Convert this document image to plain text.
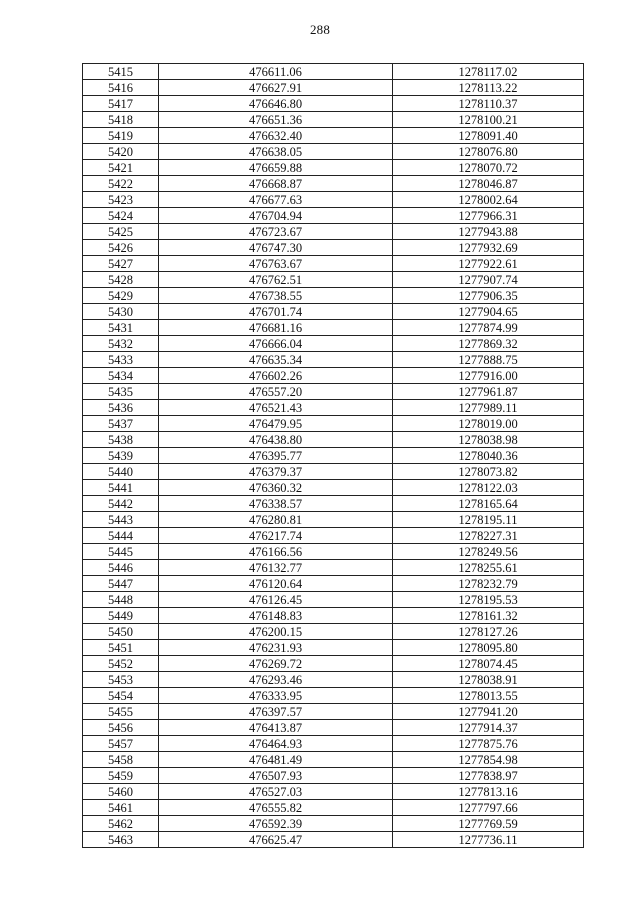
288
5415	476611.06	1278117.02
5416	476627.91	1278113.22
5417	476646.80	1278110.37
5418	476651.36	1278100.21
5419	476632.40	1278091.40
5420	476638.05	1278076.80
5421	476659.88	1278070.72
5422	476668.87	1278046.87
5423	476677.63	1278002.64
5424	476704.94	1277966.31
5425	476723.67	1277943.88
5426	476747.30	1277932.69
5427	476763.67	1277922.61
5428	476762.51	1277907.74
5429	476738.55	1277906.35
5430	476701.74	1277904.65
5431	476681.16	1277874.99
5432	476666.04	1277869.32
5433	476635.34	1277888.75
5434	476602.26	1277916.00
5435	476557.20	1277961.87
5436	476521.43	1277989.11
5437	476479.95	1278019.00
5438	476438.80	1278038.98
5439	476395.77	1278040.36
5440	476379.37	1278073.82
5441	476360.32	1278122.03
5442	476338.57	1278165.64
5443	476280.81	1278195.11
5444	476217.74	1278227.31
5445	476166.56	1278249.56
5446	476132.77	1278255.61
5447	476120.64	1278232.79
5448	476126.45	1278195.53
5449	476148.83	1278161.32
5450	476200.15	1278127.26
5451	476231.93	1278095.80
5452	476269.72	1278074.45
5453	476293.46	1278038.91
5454	476333.95	1278013.55
5455	476397.57	1277941.20
5456	476413.87	1277914.37
5457	476464.93	1277875.76
5458	476481.49	1277854.98
5459	476507.93	1277838.97
5460	476527.03	1277813.16
5461	476555.82	1277797.66
5462	476592.39	1277769.59
5463	476625.47	1277736.11
